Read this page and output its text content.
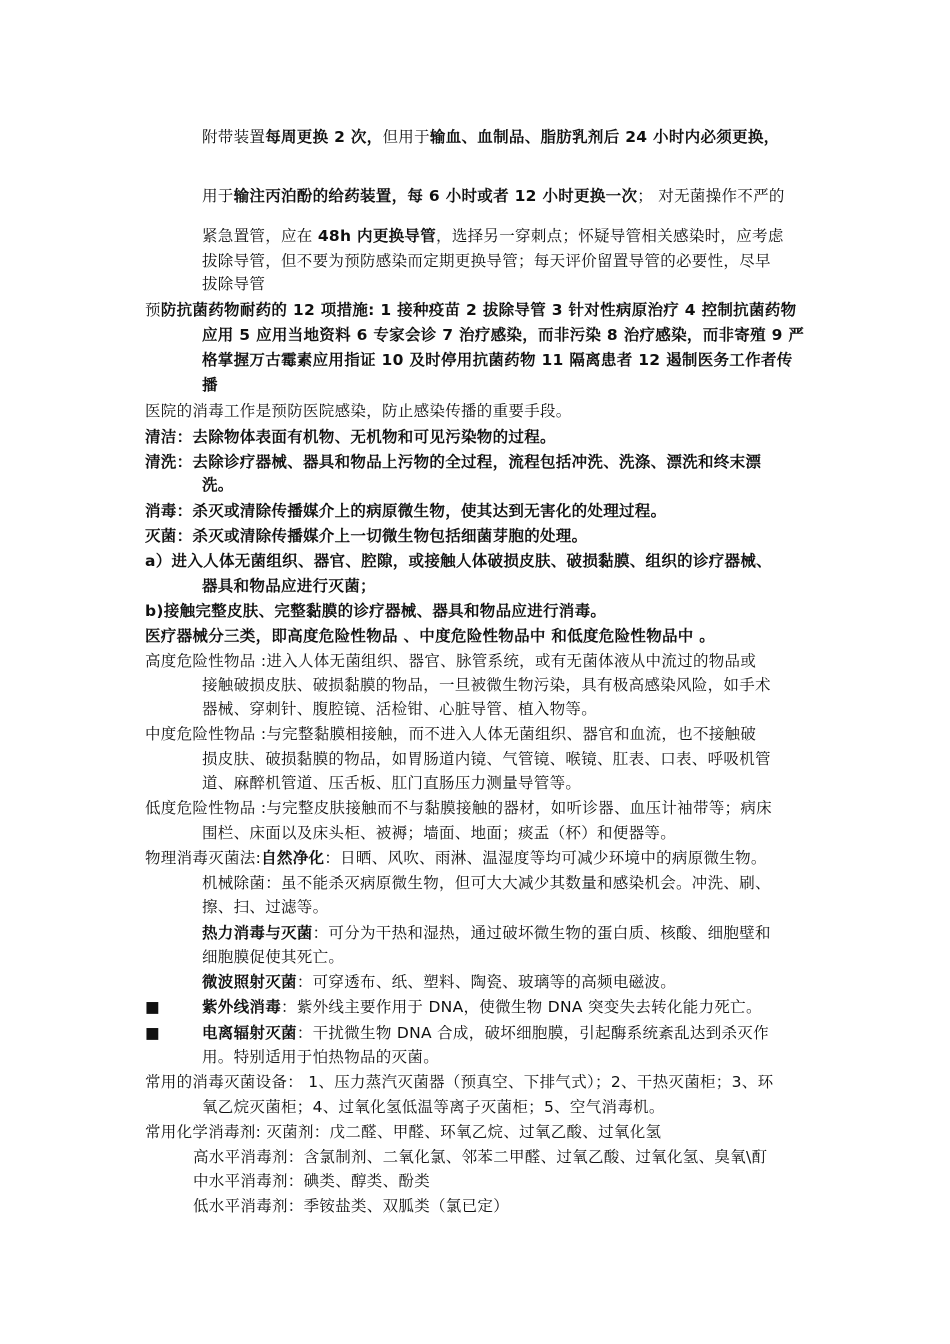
附带装置每周更换 2 次，但用于输血、血制品、脂肪乳剂后 24 小时内必须更换，
用于输注丙泊酚的给药装置，每 6 小时或者 12 小时更换一次； 对无菌操作不严的
紧急置管，应在 48h 内更换导管，选择另一穿刺点；怀疑导管相关感染时，应考虑
拔除导管，但不要为预防感染而定期更换导管；每天评价留置导管的必要性，尽早
拔除导管
预防抗菌药物耐药的 12 项措施: 1 接种疫苗 2 拔除导管 3 针对性病原治疗 4 控制抗菌药物
应用 5 应用当地资料 6 专家会诊 7 治疗感染，而非污染 8 治疗感染，而非寄殖 9 严
格掌握万古霉素应用指证 10 及时停用抗菌药物 11 隔离患者 12 遏制医务工作者传
播
医院的消毒工作是预防医院感染，防止感染传播的重要手段。
清洁：去除物体表面有机物、无机物和可见污染物的过程。
清洗：去除诊疗器械、器具和物品上污物的全过程，流程包括冲洗、洗涤、漂洗和终末漂
洗。
消毒：杀灭或清除传播媒介上的病原微生物，使其达到无害化的处理过程。
灭菌：杀灭或清除传播媒介上一切微生物包括细菌芽胞的处理。
a）进入人体无菌组织、器官、腔隙，或接触人体破损皮肤、破损黏膜、组织的诊疗器械、
器具和物品应进行灭菌；
b)接触完整皮肤、完整黏膜的诊疗器械、器具和物品应进行消毒。
医疗器械分三类，即高度危险性物品 、中度危险性物品中 和低度危险性物品中 。
高度危险性物品 :进入人体无菌组织、器官、脉管系统，或有无菌体液从中流过的物品或
接触破损皮肤、破损黏膜的物品，一旦被微生物污染，具有极高感染风险，如手术
器械、穿刺针、腹腔镜、活检钳、心脏导管、植入物等。
中度危险性物品 :与完整黏膜相接触，而不进入人体无菌组织、器官和血流，也不接触破
损皮肤、破损黏膜的物品，如胃肠道内镜、气管镜、喉镜、肛表、口表、呼吸机管
道、麻醉机管道、压舌板、肛门直肠压力测量导管等。
低度危险性物品 :与完整皮肤接触而不与黏膜接触的器材，如听诊器、血压计袖带等；病床
围栏、床面以及床头柜、被褥；墙面、地面；痰盂（杯）和便器等。
物理消毒灭菌法:自然净化：日晒、风吹、雨淋、温湿度等均可减少环境中的病原微生物。
机械除菌：虽不能杀灭病原微生物，但可大大减少其数量和感染机会。冲洗、刷、
擦、扫、过滤等。
热力消毒与灭菌：可分为干热和湿热，通过破坏微生物的蛋白质、核酸、细胞壁和
细胞膜促使其死亡。
微波照射灭菌：可穿透布、纸、塑料、陶瓷、玻璃等的高频电磁波。
■	紫外线消毒：紫外线主要作用于 DNA，使微生物 DNA 突变失去转化能力死亡。
■	电离辐射灭菌：干扰微生物 DNA 合成，破坏细胞膜，引起酶系统紊乱达到杀灭作
用。特别适用于怕热物品的灭菌。
常用的消毒灭菌设备： 1、压力蒸汽灭菌器（预真空、下排气式）；2、干热灭菌柜；3、环
氧乙烷灭菌柜；4、过氧化氢低温等离子灭菌柜；5、空气消毒机。
常用化学消毒剂: 灭菌剂：戊二醛、甲醛、环氧乙烷、过氧乙酸、过氧化氢
高水平消毒剂：含氯制剂、二氧化氯、邻苯二甲醛、过氧乙酸、过氧化氢、臭氧\酊
中水平消毒剂：碘类、醇类、酚类
低水平消毒剂：季铵盐类、双胍类（氯已定）
